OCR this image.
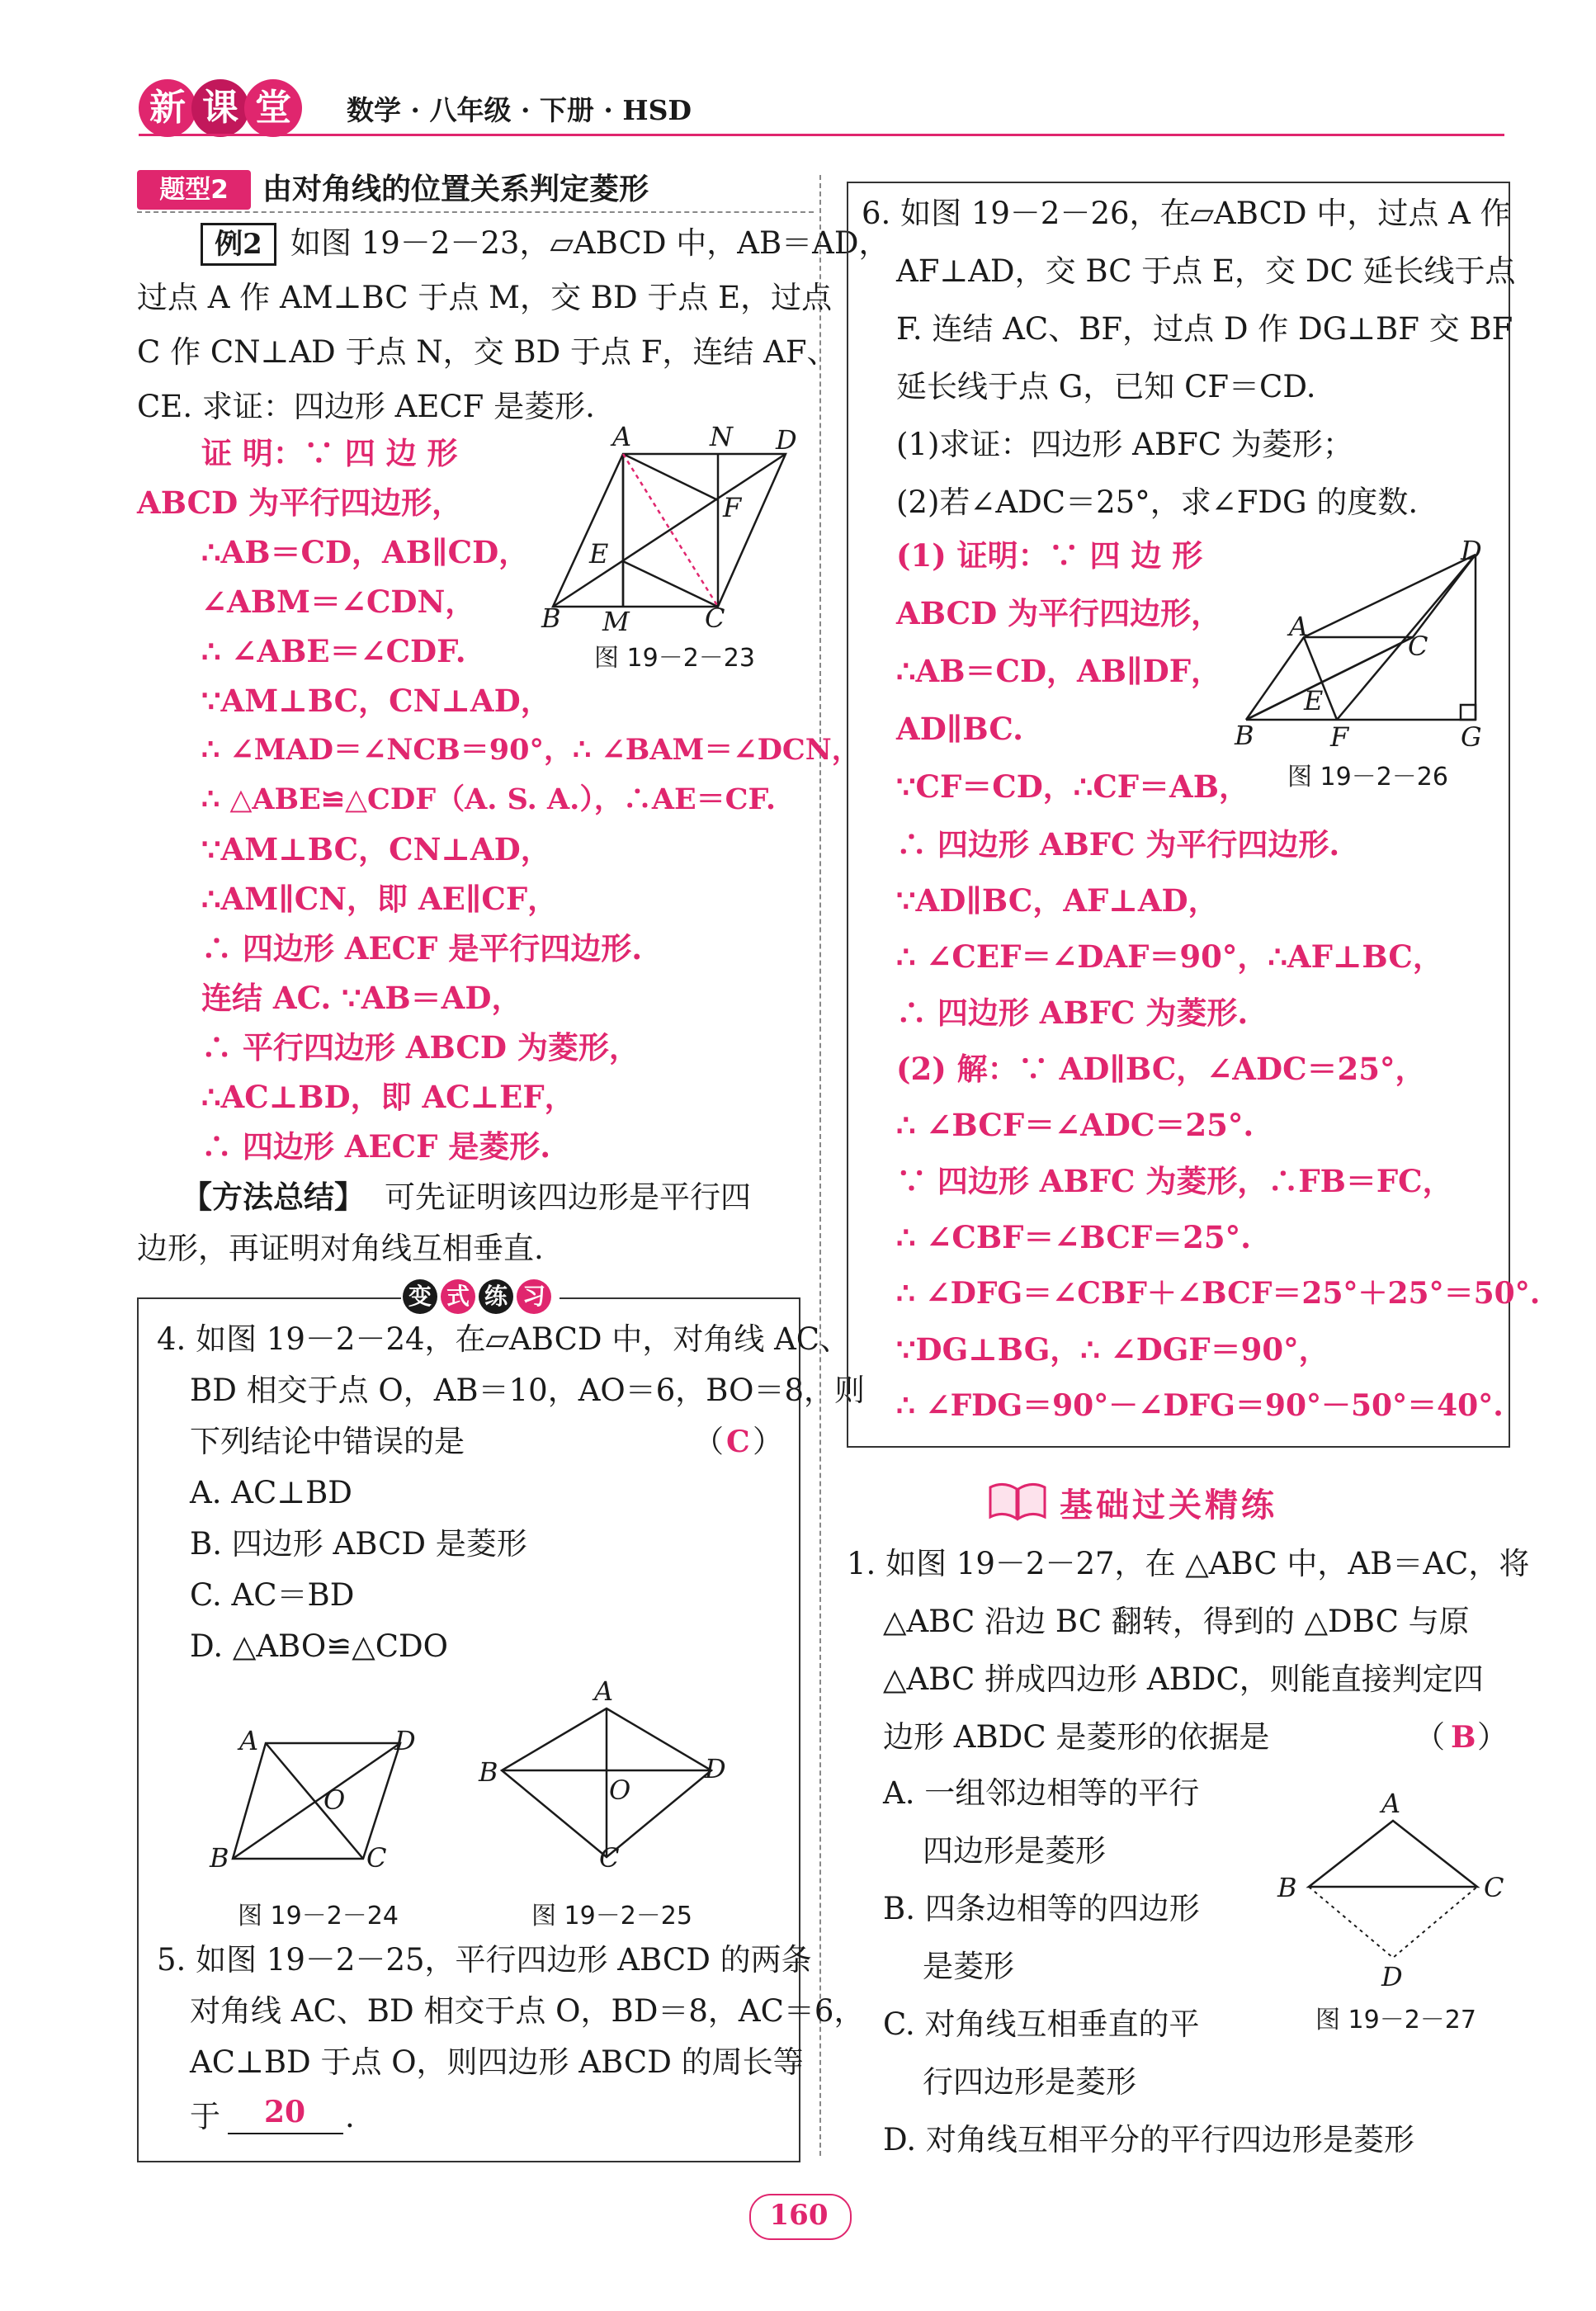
新 课 堂	数学 · 八年级 · 下册 · HSD
题型2	由对角线的位置关系判定菱形
例2 如图 19－2－23，▱ABCD 中，AB＝AD，
过点 A 作 AM⊥BC 于点 M，交 BD 于点 E，过点
C 作 CN⊥AD 于点 N，交 BD 于点 F，连结 AF、
CE. 求证：四边形 AECF 是菱形.
证 明：∵ 四 边 形
ABCD 为平行四边形，
∴AB＝CD，AB∥CD，
∠ABM＝∠CDN，
∴ ∠ABE＝∠CDF.
∵AM⊥BC，CN⊥AD，
∴ ∠MAD＝∠NCB＝90°，∴ ∠BAM＝∠DCN，
∴ △ABE≌△CDF（A. S. A.），∴AE＝CF.
∵AM⊥BC，CN⊥AD，
∴AM∥CN，即 AE∥CF，
∴ 四边形 AECF 是平行四边形.
连结 AC. ∵AB＝AD，
∴ 平行四边形 ABCD 为菱形，
∴AC⊥BD，即 AC⊥EF，
∴ 四边形 AECF 是菱形.
【方法总结】 可先证明该四边形是平行四
边形，再证明对角线互相垂直.
A	N D
F
E
B M	C
图 19－2－23
变 式 练 习
4. 如图 19－2－24，在▱ABCD 中，对角线 AC、
BD 相交于点 O，AB＝10，AO＝6，BO＝8，则
下列结论中错误的是	（ C ）
A. AC⊥BD
B. 四边形 ABCD 是菱形
C. AC＝BD
D. △ABO≌△CDO
A	D
O
B	C
图 19－2－24
A
B	D
O
C
图 19－2－25
5. 如图 19－2－25，平行四边形 ABCD 的两条
对角线 AC、BD 相交于点 O，BD＝8，AC＝6，
AC⊥BD 于点 O，则四边形 ABCD 的周长等
于 20 .
6. 如图 19－2－26，在▱ABCD 中，过点 A 作
AF⊥AD，交 BC 于点 E，交 DC 延长线于点
F. 连结 AC、BF，过点 D 作 DG⊥BF 交 BF
延长线于点 G，已知 CF＝CD.
(1)求证：四边形 ABFC 为菱形；
(2)若∠ADC＝25°，求∠FDG 的度数.
(1) 证明：∵ 四 边 形
ABCD 为平行四边形，
∴AB＝CD，AB∥DF，
AD∥BC.
∵CF＝CD，∴CF＝AB，
∴ 四边形 ABFC 为平行四边形.
∵AD∥BC，AF⊥AD，
∴ ∠CEF＝∠DAF＝90°，∴AF⊥BC，
∴ 四边形 ABFC 为菱形.
(2) 解：∵ AD∥BC，∠ADC＝25°，
∴ ∠BCF＝∠ADC＝25°.
∵ 四边形 ABFC 为菱形，∴FB＝FC，
∴ ∠CBF＝∠BCF＝25°.
∴ ∠DFG＝∠CBF＋∠BCF＝25°＋25°＝50°.
∵DG⊥BG，∴ ∠DGF＝90°，
∴ ∠FDG＝90°－∠DFG＝90°－50°＝40°.
D
A
C
E
B	F	G
图 19－2－26
基础过关精练
1. 如图 19－2－27，在 △ABC 中，AB＝AC，将
△ABC 沿边 BC 翻转，得到的 △DBC 与原
△ABC 拼成四边形 ABDC，则能直接判定四
边形 ABDC 是菱形的依据是	（ B ）
A. 一组邻边相等的平行
四边形是菱形
B. 四条边相等的四边形
是菱形
C. 对角线互相垂直的平
行四边形是菱形
D. 对角线互相平分的平行四边形是菱形
A
B	C
D
图 19－2－27
160
